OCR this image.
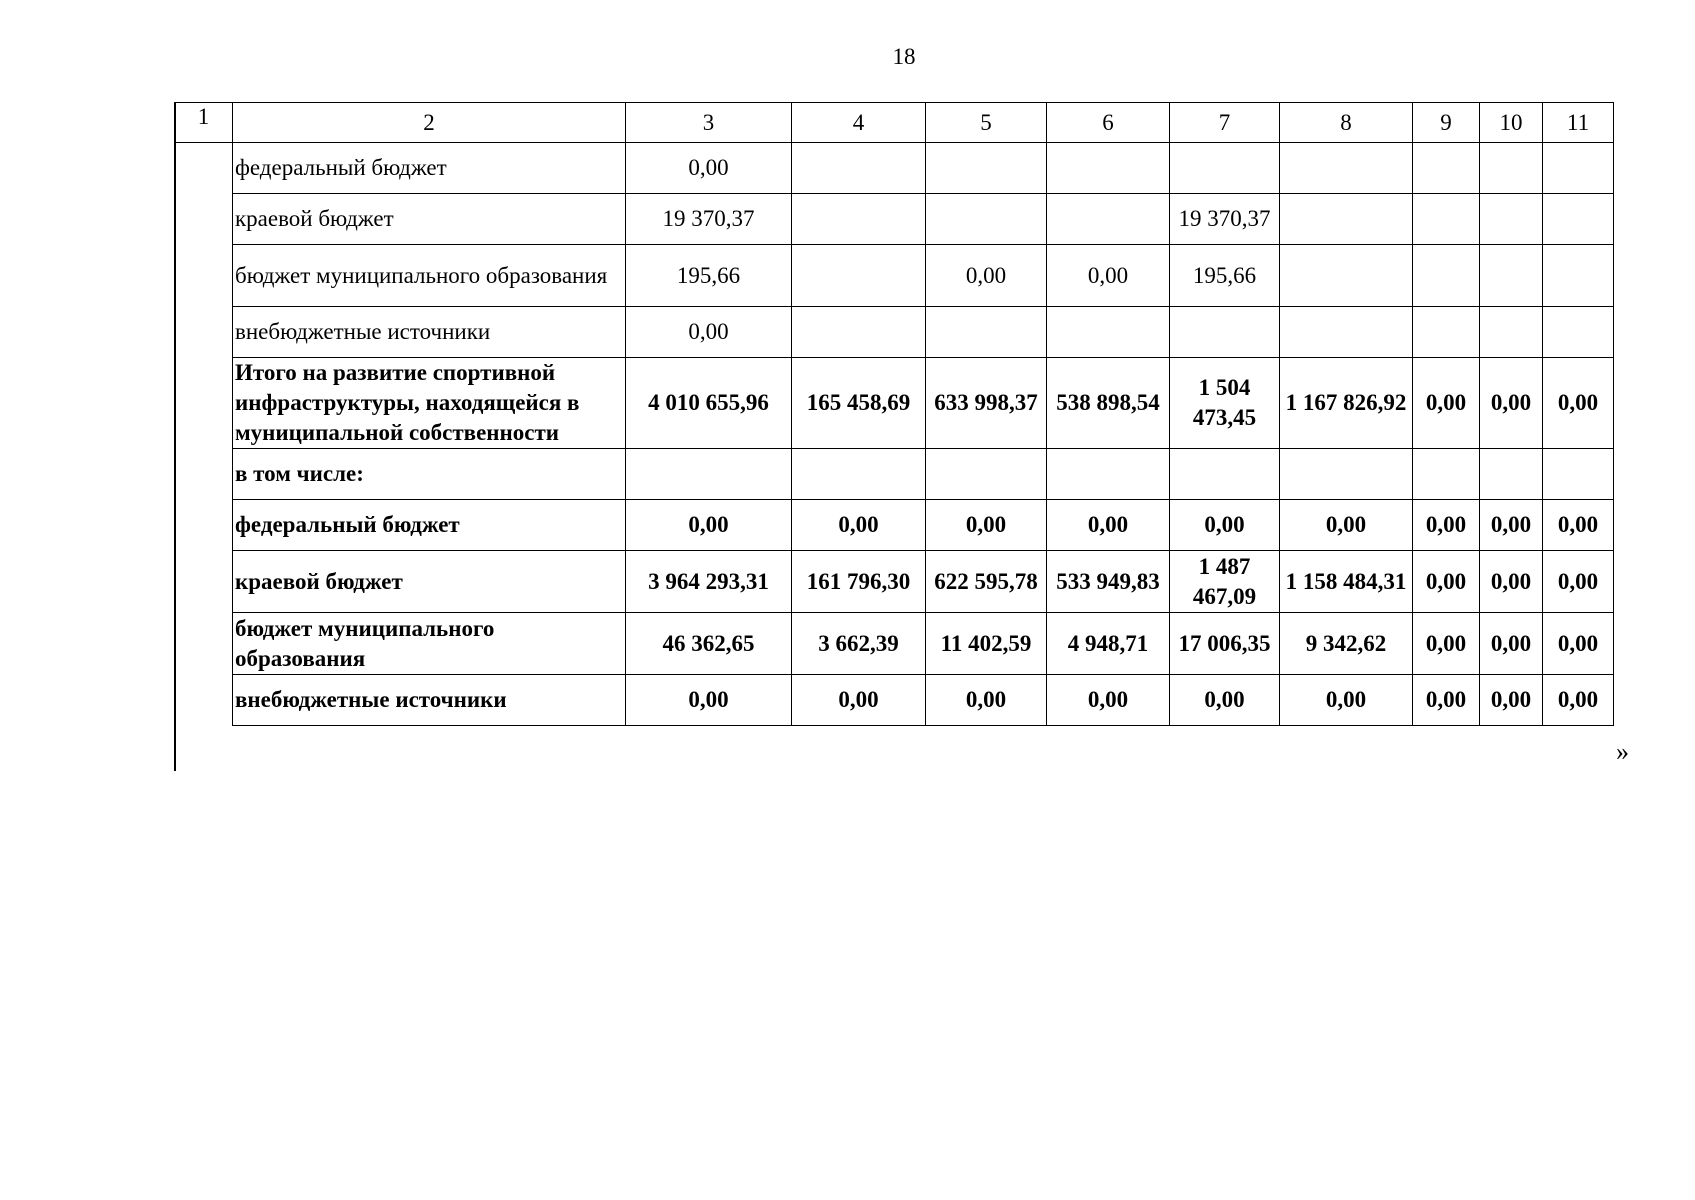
18
1	2	3	4	5	6	7	8	9	10	11
	федеральный бюджет	0,00								
	краевой бюджет	19 370,37				19 370,37				
	бюджет муниципального образования	195,66		0,00	0,00	195,66				
	внебюджетные источники	0,00								
	Итого на развитие спортивной инфраструктуры, находящейся в муниципальной собственности	4 010 655,96	165 458,69	633 998,37	538 898,54	1 504 473,45	1 167 826,92	0,00	0,00	0,00
	в том числе:									
	федеральный бюджет	0,00	0,00	0,00	0,00	0,00	0,00	0,00	0,00	0,00
	краевой бюджет	3 964 293,31	161 796,30	622 595,78	533 949,83	1 487 467,09	1 158 484,31	0,00	0,00	0,00
	бюджет муниципального образования	46 362,65	3 662,39	11 402,59	4 948,71	17 006,35	9 342,62	0,00	0,00	0,00
	внебюджетные источники	0,00	0,00	0,00	0,00	0,00	0,00	0,00	0,00	0,00
»
